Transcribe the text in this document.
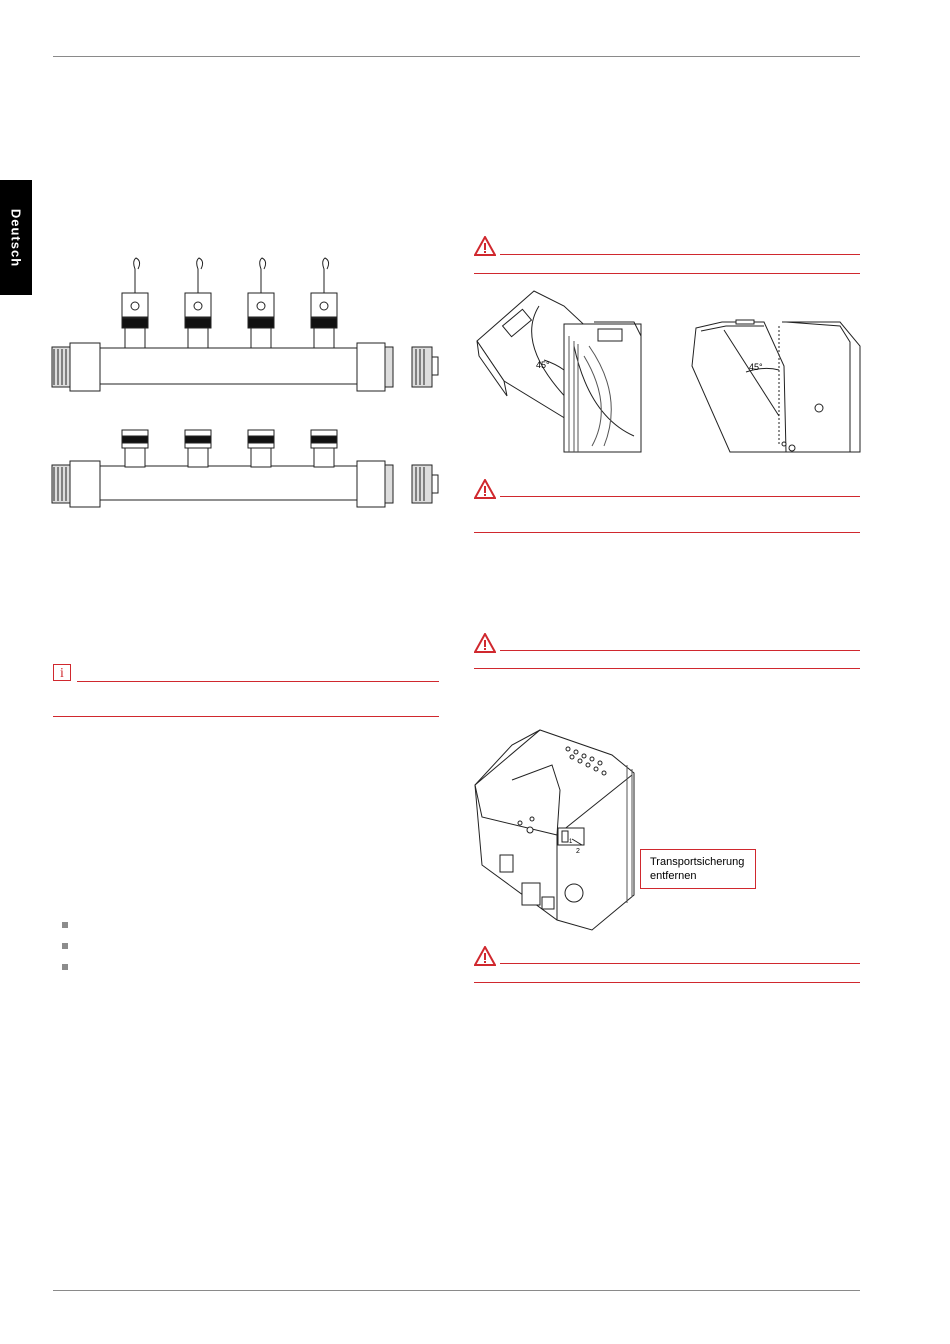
Deutsch
i
45°	45°
1
2
Transportsicherung
entfernen
